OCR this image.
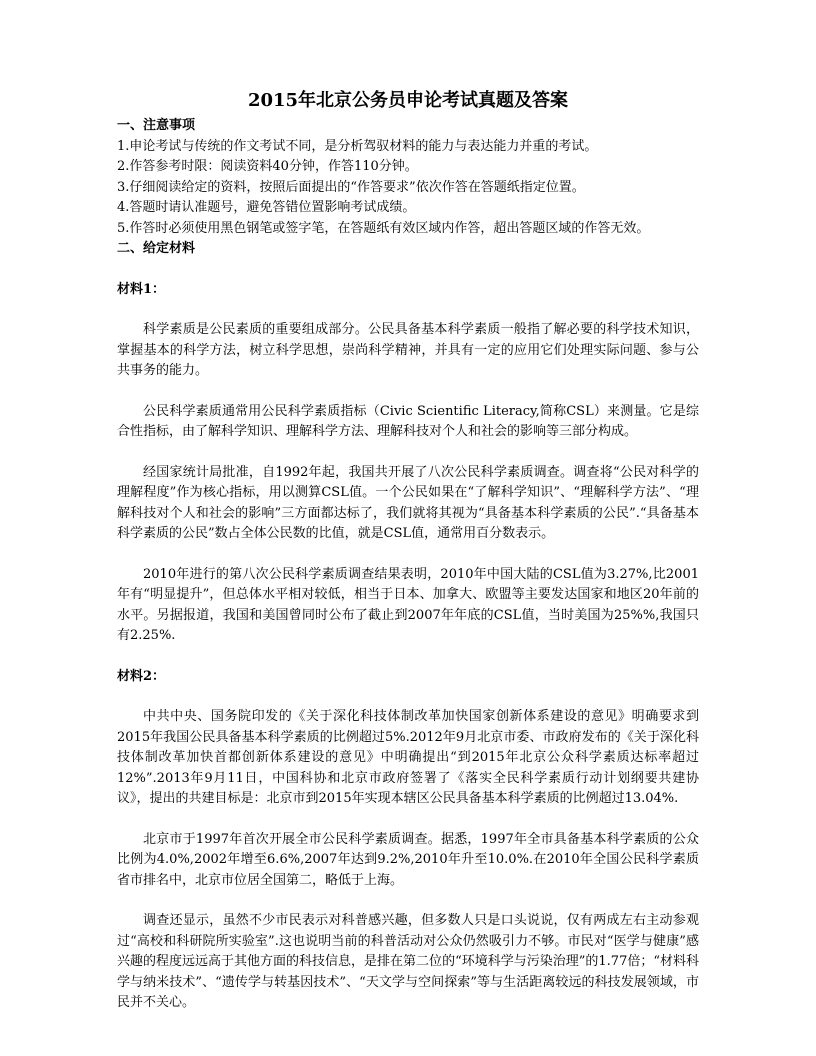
2015年北京公务员申论考试真题及答案
一、注意事项
1.申论考试与传统的作文考试不同，是分析驾驭材料的能力与表达能力并重的考试。
2.作答参考时限：阅读资料40分钟，作答110分钟。
3.仔细阅读给定的资料，按照后面提出的“作答要求”依次作答在答题纸指定位置。
4.答题时请认准题号，避免答错位置影响考试成绩。
5.作答时必须使用黑色钢笔或签字笔，在答题纸有效区域内作答，超出答题区域的作答无效。
二、给定材料
材料1：
科学素质是公民素质的重要组成部分。公民具备基本科学素质一般指了解必要的科学技术知识，掌握基本的科学方法，树立科学思想，崇尚科学精神，并具有一定的应用它们处理实际问题、参与公共事务的能力。
公民科学素质通常用公民科学素质指标（Civic Scientific Literacy,简称CSL）来测量。它是综合性指标，由了解科学知识、理解科学方法、理解科技对个人和社会的影响等三部分构成。
经国家统计局批准，自1992年起，我国共开展了八次公民科学素质调查。调查将“公民对科学的理解程度”作为核心指标，用以测算CSL值。一个公民如果在“了解科学知识”、“理解科学方法”、“理解科技对个人和社会的影响”三方面都达标了，我们就将其视为“具备基本科学素质的公民”.“具备基本科学素质的公民”数占全体公民数的比值，就是CSL值，通常用百分数表示。
2010年进行的第八次公民科学素质调查结果表明，2010年中国大陆的CSL值为3.27%,比2001年有“明显提升”，但总体水平相对较低，相当于日本、加拿大、欧盟等主要发达国家和地区20年前的水平。另据报道，我国和美国曾同时公布了截止到2007年年底的CSL值，当时美国为25%%,我国只有2.25%.
材料2：
中共中央、国务院印发的《关于深化科技体制改革加快国家创新体系建设的意见》明确要求到2015年我国公民具备基本科学素质的比例超过5%.2012年9月北京市委、市政府发布的《关于深化科技体制改革加快首都创新体系建设的意见》中明确提出“到2015年北京公众科学素质达标率超过12%”.2013年9月11日，中国科协和北京市政府签署了《落实全民科学素质行动计划纲要共建协议》，提出的共建目标是：北京市到2015年实现本辖区公民具备基本科学素质的比例超过13.04%.
北京市于1997年首次开展全市公民科学素质调查。据悉，1997年全市具备基本科学素质的公众比例为4.0%,2002年增至6.6%,2007年达到9.2%,2010年升至10.0%.在2010年全国公民科学素质省市排名中，北京市位居全国第二，略低于上海。
调查还显示，虽然不少市民表示对科普感兴趣，但多数人只是口头说说，仅有两成左右主动参观过“高校和科研院所实验室”.这也说明当前的科普活动对公众仍然吸引力不够。市民对“医学与健康”感兴趣的程度远远高于其他方面的科技信息，是排在第二位的“环境科学与污染治理”的1.77倍；“材料科学与纳米技术”、“遗传学与转基因技术”、“天文学与空间探索”等与生活距离较远的科技发展领域，市民并不关心。
